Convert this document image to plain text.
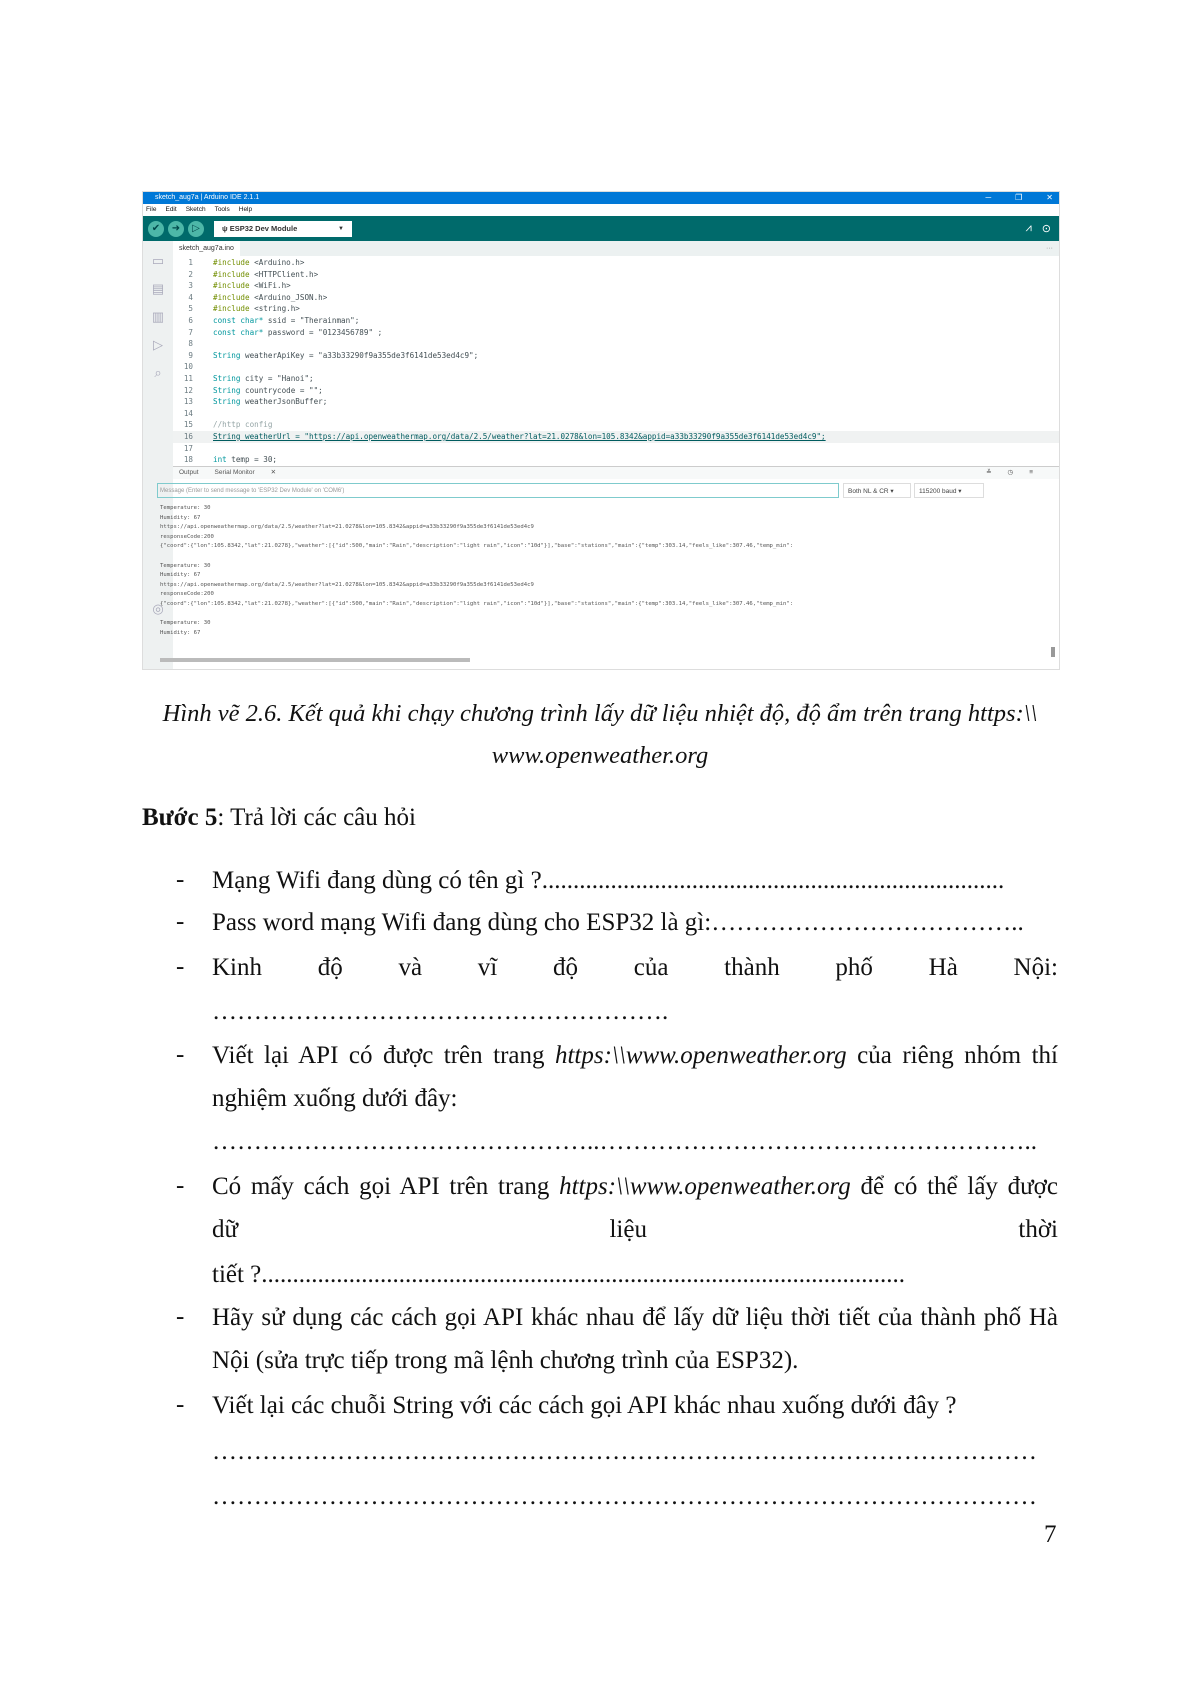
sketch_aug7a | Arduino IDE 2.1.1	─	❐	✕
File Edit Sketch Tools Help
✔	➜	▷	ψ ESP32 Dev Module	▼	⩘ ⊙
▭
▤
▥
▷
⌕
◎
sketch_aug7a.ino	···
1	#include <Arduino.h>
2	#include <HTTPClient.h>
3	#include <WiFi.h>
4	#include <Arduino_JSON.h>
5	#include <string.h>
6	const char* ssid = "Therainman";
7	const char* password = "0123456789" ;
8
9	String weatherApiKey = "a33b33290f9a355de3f6141de53ed4c9";
10
11	String city = "Hanoi";
12	String countrycode = "";
13	String weatherJsonBuffer;
14
15	//http config
16	String weatherUrl = "https://api.openweathermap.org/data/2.5/weather?lat=21.0278&lon=105.8342&appid=a33b33290f9a355de3f6141de53ed4c9";
17
18	int temp = 30;
Output Serial Monitor ✕	≚ ◷ ≡
Message (Enter to send message to 'ESP32 Dev Module' on 'COM6')	Both NL & CR ▾	115200 baud ▾
Temperature: 30
Humidity: 67
https://api.openweathermap.org/data/2.5/weather?lat=21.0278&lon=105.8342&appid=a33b33290f9a355de3f6141de53ed4c9
responseCode:200
{"coord":{"lon":105.8342,"lat":21.0278},"weather":[{"id":500,"main":"Rain","description":"light rain","icon":"10d"}],"base":"stations","main":{"temp":303.14,"feels_like":307.46,"temp_min":
Temperature: 30
Humidity: 67
https://api.openweathermap.org/data/2.5/weather?lat=21.0278&lon=105.8342&appid=a33b33290f9a355de3f6141de53ed4c9
responseCode:200
{"coord":{"lon":105.8342,"lat":21.0278},"weather":[{"id":500,"main":"Rain","description":"light rain","icon":"10d"}],"base":"stations","main":{"temp":303.14,"feels_like":307.46,"temp_min":
Temperature: 30
Humidity: 67
Hình vẽ 2.6. Kết quả khi chạy chương trình lấy dữ liệu nhiệt độ, độ ẩm trên trang https:\\
www.openweather.org
Bước 5: Trả lời các câu hỏi
- Mạng Wifi đang dùng có tên gì ?..........................................................................
- Pass word mạng Wifi đang dùng cho ESP32 là gì:………………………………..
- Kinh độ và vĩ độ của thành phố Hà Nội:
……………………………………………….
- Viết lại API có được trên trang https:\\www.openweather.org của riêng nhóm thí
nghiệm xuống dưới đây:
………………………………………..……………………………………………..
- Có mấy cách gọi API trên trang https:\\www.openweather.org để có thể lấy được
dữ liệu thời
tiết ?.......................................................................................................
- Hãy sử dụng các cách gọi API khác nhau để lấy dữ liệu thời tiết của thành phố Hà
Nội (sửa trực tiếp trong mã lệnh chương trình của ESP32).
- Viết lại các chuỗi String với các cách gọi API khác nhau xuống dưới đây ?
………………………………………………………………………………………
………………………………………………………………………………………
7
